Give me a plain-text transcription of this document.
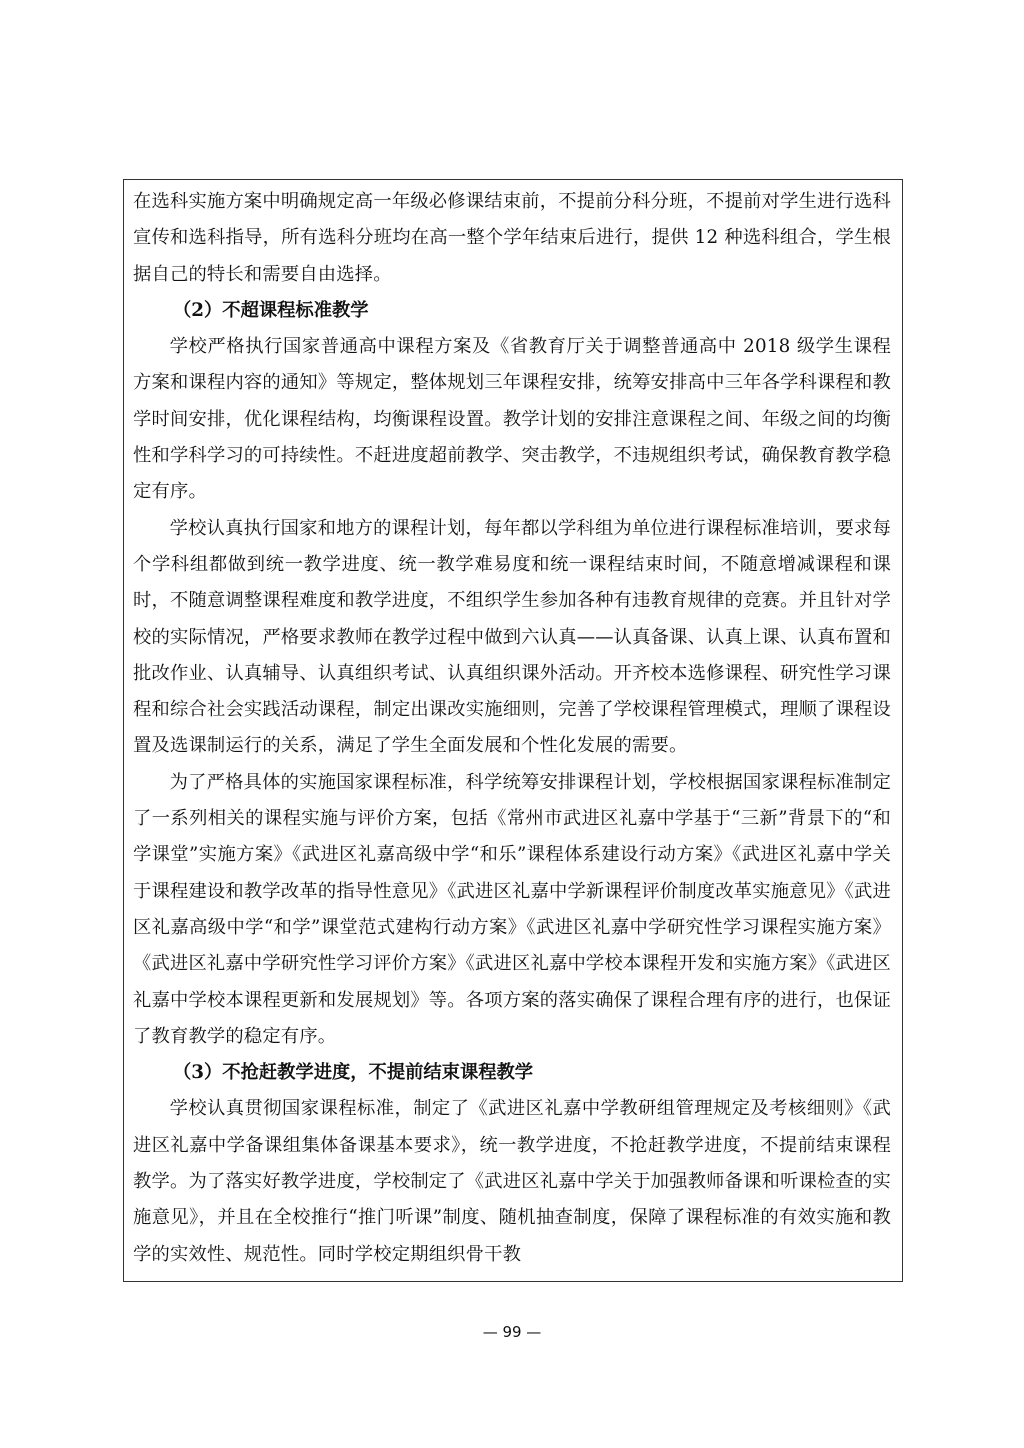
在选科实施方案中明确规定高一年级必修课结束前，不提前分科分班，不提前对学生进行选科宣传和选科指导，所有选科分班均在高一整个学年结束后进行，提供 12 种选科组合，学生根据自己的特长和需要自由选择。

（2）不超课程标准教学

学校严格执行国家普通高中课程方案及《省教育厅关于调整普通高中 2018 级学生课程方案和课程内容的通知》等规定，整体规划三年课程安排，统筹安排高中三年各学科课程和教学时间安排，优化课程结构，均衡课程设置。教学计划的安排注意课程之间、年级之间的均衡性和学科学习的可持续性。不赶进度超前教学、突击教学，不违规组织考试，确保教育教学稳定有序。

学校认真执行国家和地方的课程计划，每年都以学科组为单位进行课程标准培训，要求每个学科组都做到统一教学进度、统一教学难易度和统一课程结束时间，不随意增减课程和课时，不随意调整课程难度和教学进度，不组织学生参加各种有违教育规律的竞赛。并且针对学校的实际情况，严格要求教师在教学过程中做到六认真——认真备课、认真上课、认真布置和批改作业、认真辅导、认真组织考试、认真组织课外活动。开齐校本选修课程、研究性学习课程和综合社会实践活动课程，制定出课改实施细则，完善了学校课程管理模式，理顺了课程设置及选课制运行的关系，满足了学生全面发展和个性化发展的需要。

为了严格具体的实施国家课程标准，科学统筹安排课程计划，学校根据国家课程标准制定了一系列相关的课程实施与评价方案，包括《常州市武进区礼嘉中学基于“三新”背景下的“和学课堂”实施方案》《武进区礼嘉高级中学“和乐”课程体系建设行动方案》《武进区礼嘉中学关于课程建设和教学改革的指导性意见》《武进区礼嘉中学新课程评价制度改革实施意见》《武进区礼嘉高级中学“和学”课堂范式建构行动方案》《武进区礼嘉中学研究性学习课程实施方案》《武进区礼嘉中学研究性学习评价方案》《武进区礼嘉中学校本课程开发和实施方案》《武进区礼嘉中学校本课程更新和发展规划》等。各项方案的落实确保了课程合理有序的进行，也保证了教育教学的稳定有序。

（3）不抢赶教学进度，不提前结束课程教学

学校认真贯彻国家课程标准，制定了《武进区礼嘉中学教研组管理规定及考核细则》《武进区礼嘉中学备课组集体备课基本要求》，统一教学进度，不抢赶教学进度，不提前结束课程教学。为了落实好教学进度，学校制定了《武进区礼嘉中学关于加强教师备课和听课检查的实施意见》，并且在全校推行“推门听课”制度、随机抽查制度，保障了课程标准的有效实施和教学的实效性、规范性。同时学校定期组织骨干教

— 99 —
